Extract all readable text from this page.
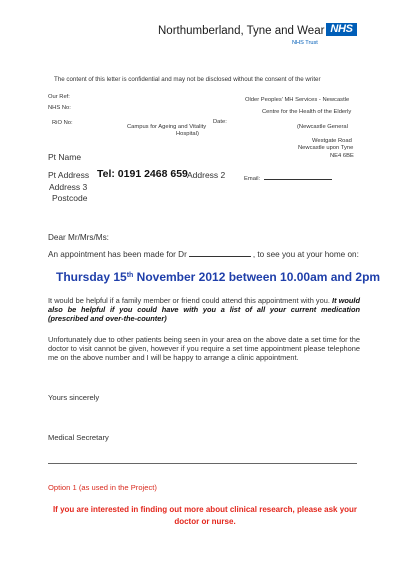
Northumberland, Tyne and Wear NHS
NHS Trust
The content of this letter is confidential and may not be disclosed without the consent of the writer
Our Ref:
NHS No:
RiO No:
Campus for Ageing and Vitality
Hospital)
Date:
Older Peoples' MH Services - Newcastle
Centre for the Health of the Elderly
(Newcastle General
Westgate Road
Newcastle upon Tyne
NE4 6BE
Pt Name
Pt Address Tel: 0191 2468 659 Address 2	Email:
Address 3
Postcode
Dear Mr/Mrs/Ms:
An appointment has been made for Dr	, to see you at your home on:
Thursday 15th November 2012 between 10.00am and 2pm
It would be helpful if a family member or friend could attend this appointment with you. It would also be helpful if you could have with you a list of all your current medication (prescribed and over-the-counter)
Unfortunately due to other patients being seen in your area on the above date a set time for the doctor to visit cannot be given, however if you require a set time appointment please telephone me on the above number and I will be happy to arrange a clinic appointment.
Yours sincerely
Medical Secretary
Option 1 (as used in the Project)
If you are interested in finding out more about clinical research, please ask your doctor or nurse.
